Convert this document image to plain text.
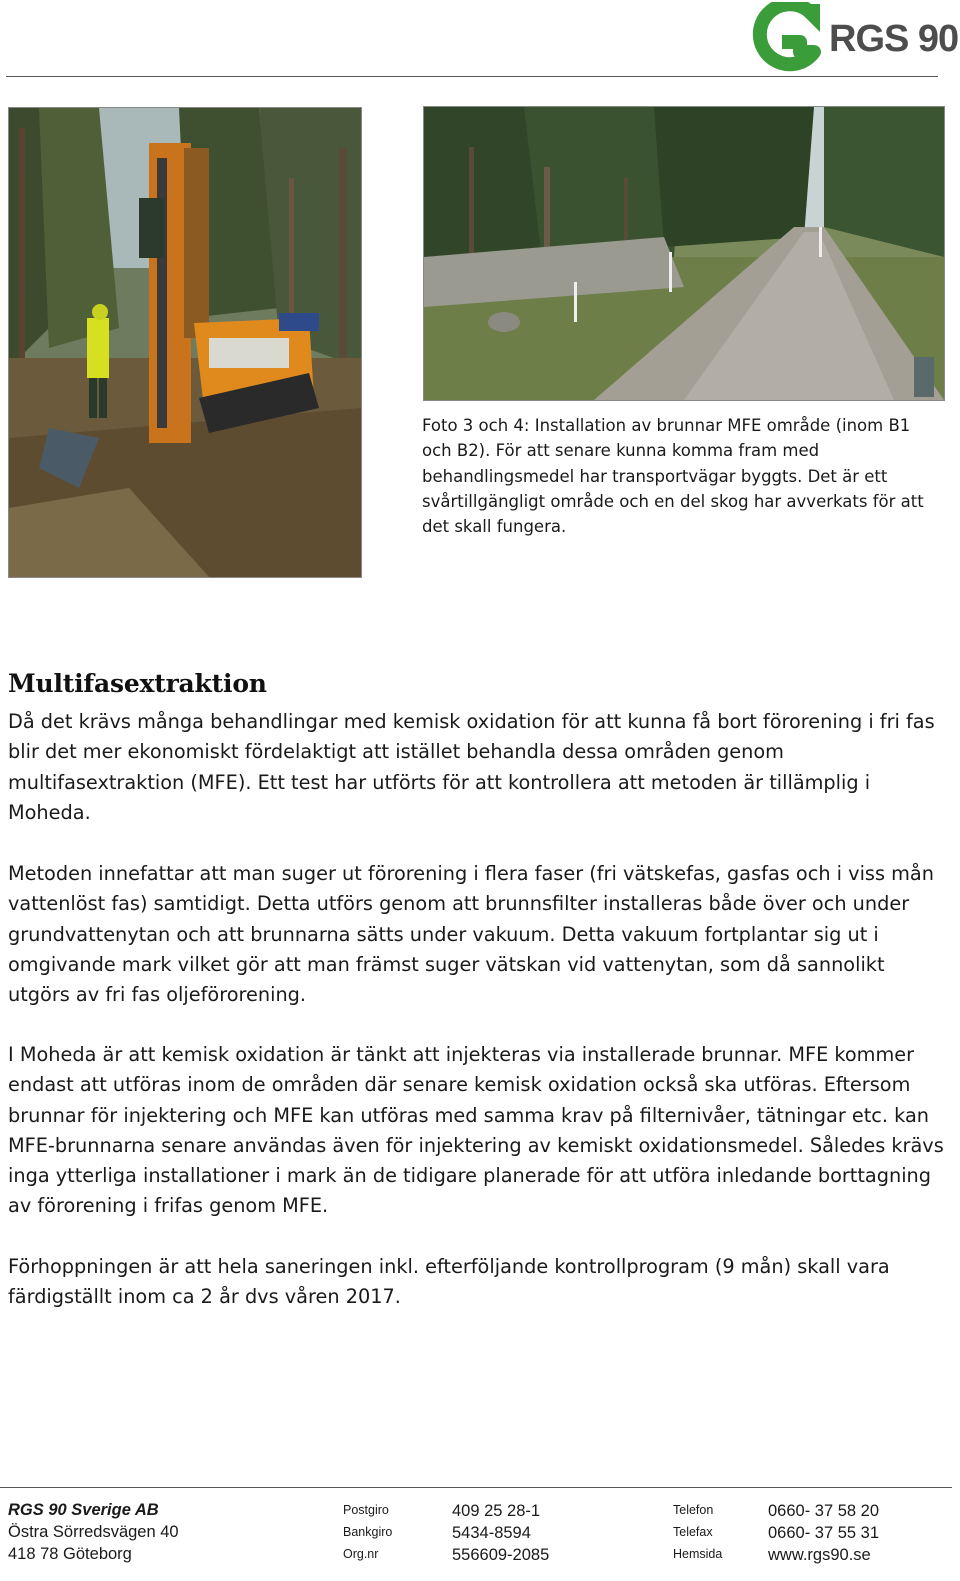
RGS 90
Foto 3 och 4: Installation av brunnar MFE område (inom B1 och B2). För att senare kunna komma fram med behandlingsmedel har transportvägar byggts. Det är ett svårtillgängligt område och en del skog har avverkats för att det skall fungera.
Multifasextraktion

Då det krävs många behandlingar med kemisk oxidation för att kunna få bort förorening i fri fas blir det mer ekonomiskt fördelaktigt att istället behandla dessa områden genom multifasextraktion (MFE). Ett test har utförts för att kontrollera att metoden är tillämplig i Moheda.

Metoden innefattar att man suger ut förorening i flera faser (fri vätskefas, gasfas och i viss mån vattenlöst fas) samtidigt. Detta utförs genom att brunnsfilter installeras både över och under grundvattenytan och att brunnarna sätts under vakuum. Detta vakuum fortplantar sig ut i omgivande mark vilket gör att man främst suger vätskan vid vattenytan, som då sannolikt utgörs av fri fas oljeförorening.

I Moheda är att kemisk oxidation är tänkt att injekteras via installerade brunnar. MFE kommer endast att utföras inom de områden där senare kemisk oxidation också ska utföras. Eftersom brunnar för injektering och MFE kan utföras med samma krav på filternivåer, tätningar etc. kan MFE-brunnarna senare användas även för injektering av kemiskt oxidationsmedel. Således krävs inga ytterliga installationer i mark än de tidigare planerade för att utföra inledande borttagning av förorening i frifas genom MFE.

Förhoppningen är att hela saneringen inkl. efterföljande kontrollprogram (9 mån) skall vara färdigställt inom ca 2 år dvs våren 2017.

RGS 90 Sverige AB
Östra Sörredsvägen 40
418 78 Göteborg
Postgiro	409 25 28-1
Bankgiro	5434-8594
Org.nr	556609-2085
Telefon	0660- 37 58 20
Telefax	0660- 37 55 31
Hemsida	www.rgs90.se
